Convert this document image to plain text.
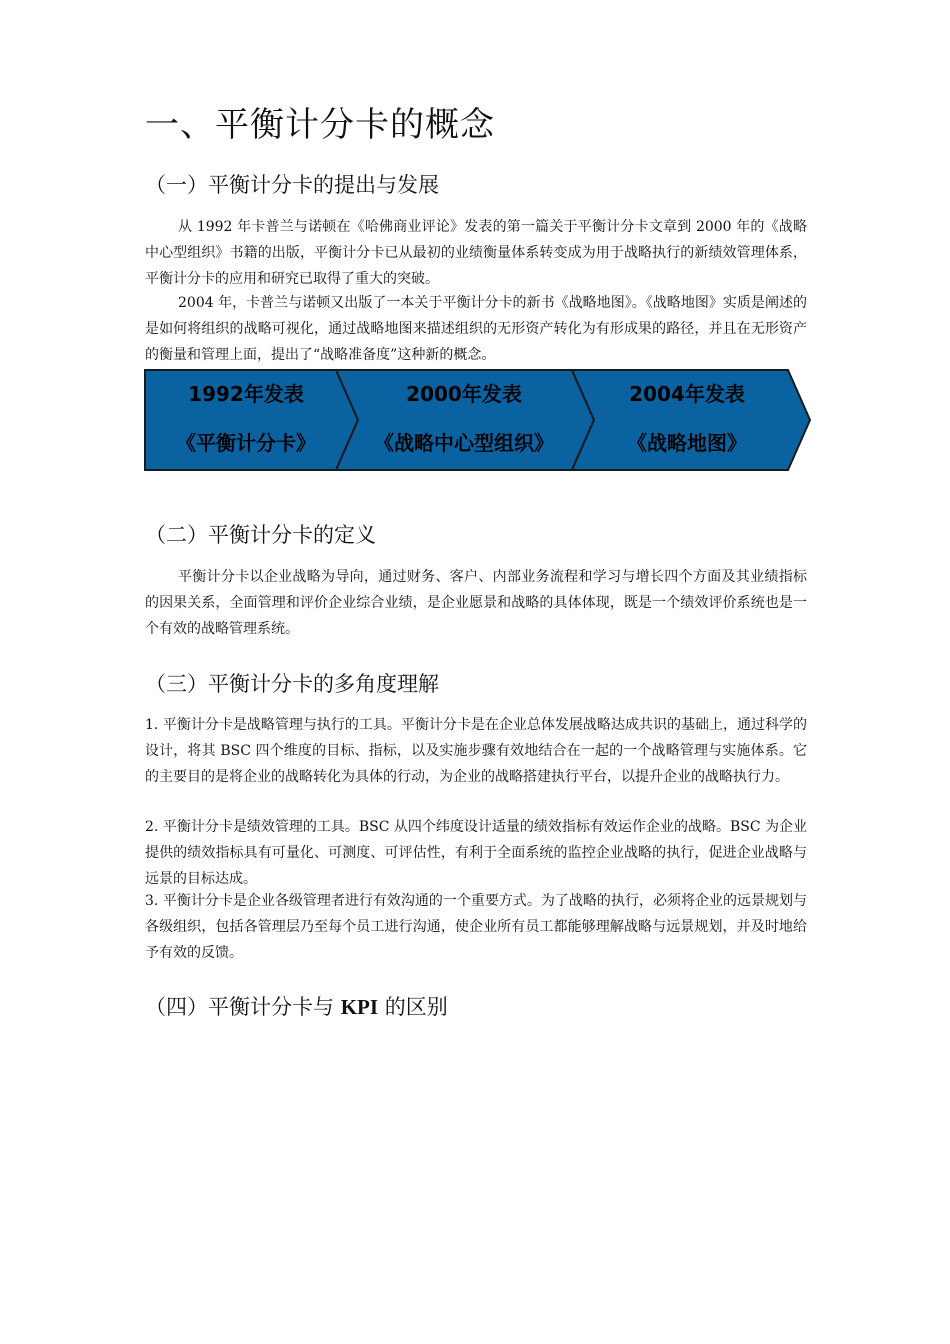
一、平衡计分卡的概念
（一）平衡计分卡的提出与发展

从 1992 年卡普兰与诺顿在《哈佛商业评论》发表的第一篇关于平衡计分卡文章到 2000 年的《战略中心型组织》书籍的出版，平衡计分卡已从最初的业绩衡量体系转变成为用于战略执行的新绩效管理体系，平衡计分卡的应用和研究已取得了重大的突破。

2004 年，卡普兰与诺顿又出版了一本关于平衡计分卡的新书《战略地图》。《战略地图》实质是阐述的是如何将组织的战略可视化，通过战略地图来描述组织的无形资产转化为有形成果的路径，并且在无形资产的衡量和管理上面，提出了“战略准备度”这种新的概念。

1992年发表
《平衡计分卡》
2000年发表
《战略中心型组织》
2004年发表
《战略地图》
（二）平衡计分卡的定义

平衡计分卡以企业战略为导向，通过财务、客户、内部业务流程和学习与增长四个方面及其业绩指标的因果关系，全面管理和评价企业综合业绩，是企业愿景和战略的具体体现，既是一个绩效评价系统也是一个有效的战略管理系统。

（三）平衡计分卡的多角度理解

1. 平衡计分卡是战略管理与执行的工具。平衡计分卡是在企业总体发展战略达成共识的基础上，通过科学的设计，将其 BSC 四个维度的目标、指标，以及实施步骤有效地结合在一起的一个战略管理与实施体系。它的主要目的是将企业的战略转化为具体的行动，为企业的战略搭建执行平台，以提升企业的战略执行力。

2. 平衡计分卡是绩效管理的工具。BSC 从四个纬度设计适量的绩效指标有效运作企业的战略。BSC 为企业提供的绩效指标具有可量化、可测度、可评估性，有利于全面系统的监控企业战略的执行，促进企业战略与远景的目标达成。

3. 平衡计分卡是企业各级管理者进行有效沟通的一个重要方式。为了战略的执行，必须将企业的远景规划与各级组织，包括各管理层乃至每个员工进行沟通，使企业所有员工都能够理解战略与远景规划，并及时地给予有效的反馈。

（四）平衡计分卡与 KPI 的区别
